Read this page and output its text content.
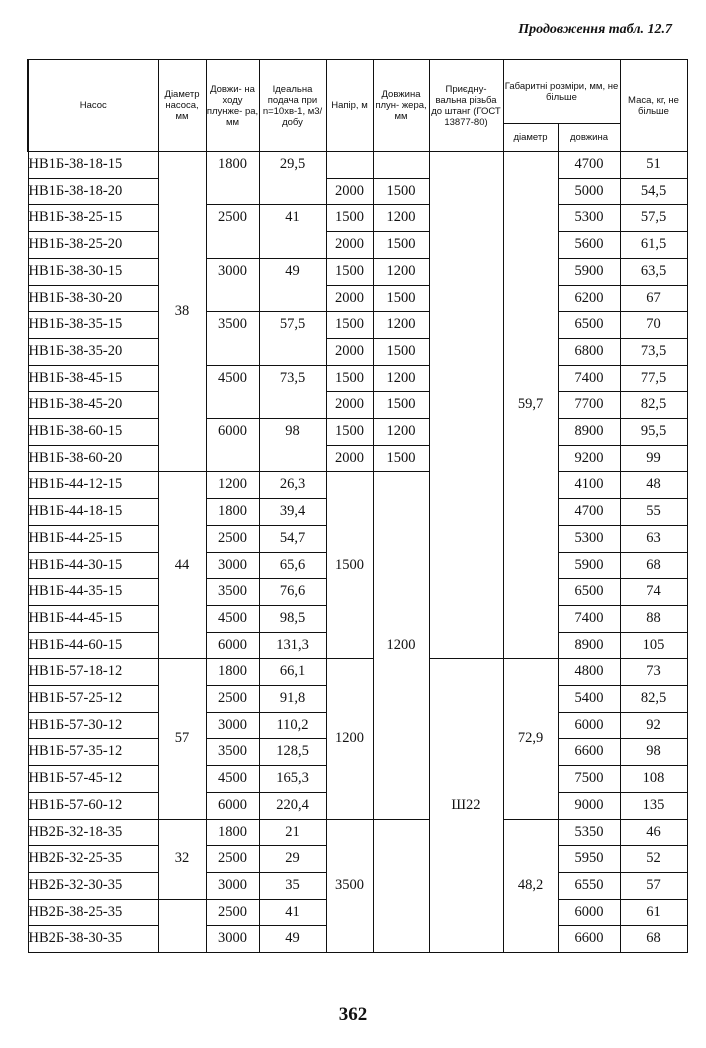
Продовження табл. 12.7
Насос	Діаметр насоса, мм	Довжи- на ходу плунже- ра, мм	Ідеальна подача при n=10хв-1, м3/добу	Напір, м	Довжина плун- жера, мм	Приєдну- вальна різьба до штанг (ГОСТ 13877-80)	Габаритні розміри, мм, не більше		Маса, кг, не більше
							діаметр	довжина	
НВ1Б-38-18-15	38	1800	29,5				59,7	4700	51
НВ1Б-38-18-20				2000	1500			5000	54,5
НВ1Б-38-25-15		2500	41	1500	1200			5300	57,5
НВ1Б-38-25-20				2000	1500			5600	61,5
НВ1Б-38-30-15		3000	49	1500	1200			5900	63,5
НВ1Б-38-30-20				2000	1500			6200	67
НВ1Б-38-35-15		3500	57,5	1500	1200			6500	70
НВ1Б-38-35-20				2000	1500			6800	73,5
НВ1Б-38-45-15		4500	73,5	1500	1200			7400	77,5
НВ1Б-38-45-20				2000	1500			7700	82,5
НВ1Б-38-60-15		6000	98	1500	1200			8900	95,5
НВ1Б-38-60-20				2000	1500			9200	99
НВ1Б-44-12-15	44	1200	26,3	1500	1200			4100	48
НВ1Б-44-18-15		1800	39,4					4700	55
НВ1Б-44-25-15		2500	54,7					5300	63
НВ1Б-44-30-15		3000	65,6					5900	68
НВ1Б-44-35-15		3500	76,6					6500	74
НВ1Б-44-45-15		4500	98,5					7400	88
НВ1Б-44-60-15		6000	131,3					8900	105
НВ1Б-57-18-12	57	1800	66,1	1200		Ш22	72,9	4800	73
НВ1Б-57-25-12		2500	91,8					5400	82,5
НВ1Б-57-30-12		3000	110,2					6000	92
НВ1Б-57-35-12		3500	128,5					6600	98
НВ1Б-57-45-12		4500	165,3					7500	108
НВ1Б-57-60-12		6000	220,4					9000	135
НВ2Б-32-18-35	32	1800	21	3500			48,2	5350	46
НВ2Б-32-25-35		2500	29					5950	52
НВ2Б-32-30-35		3000	35					6550	57
НВ2Б-38-25-35		2500	41					6000	61
НВ2Б-38-30-35		3000	49					6600	68
362
